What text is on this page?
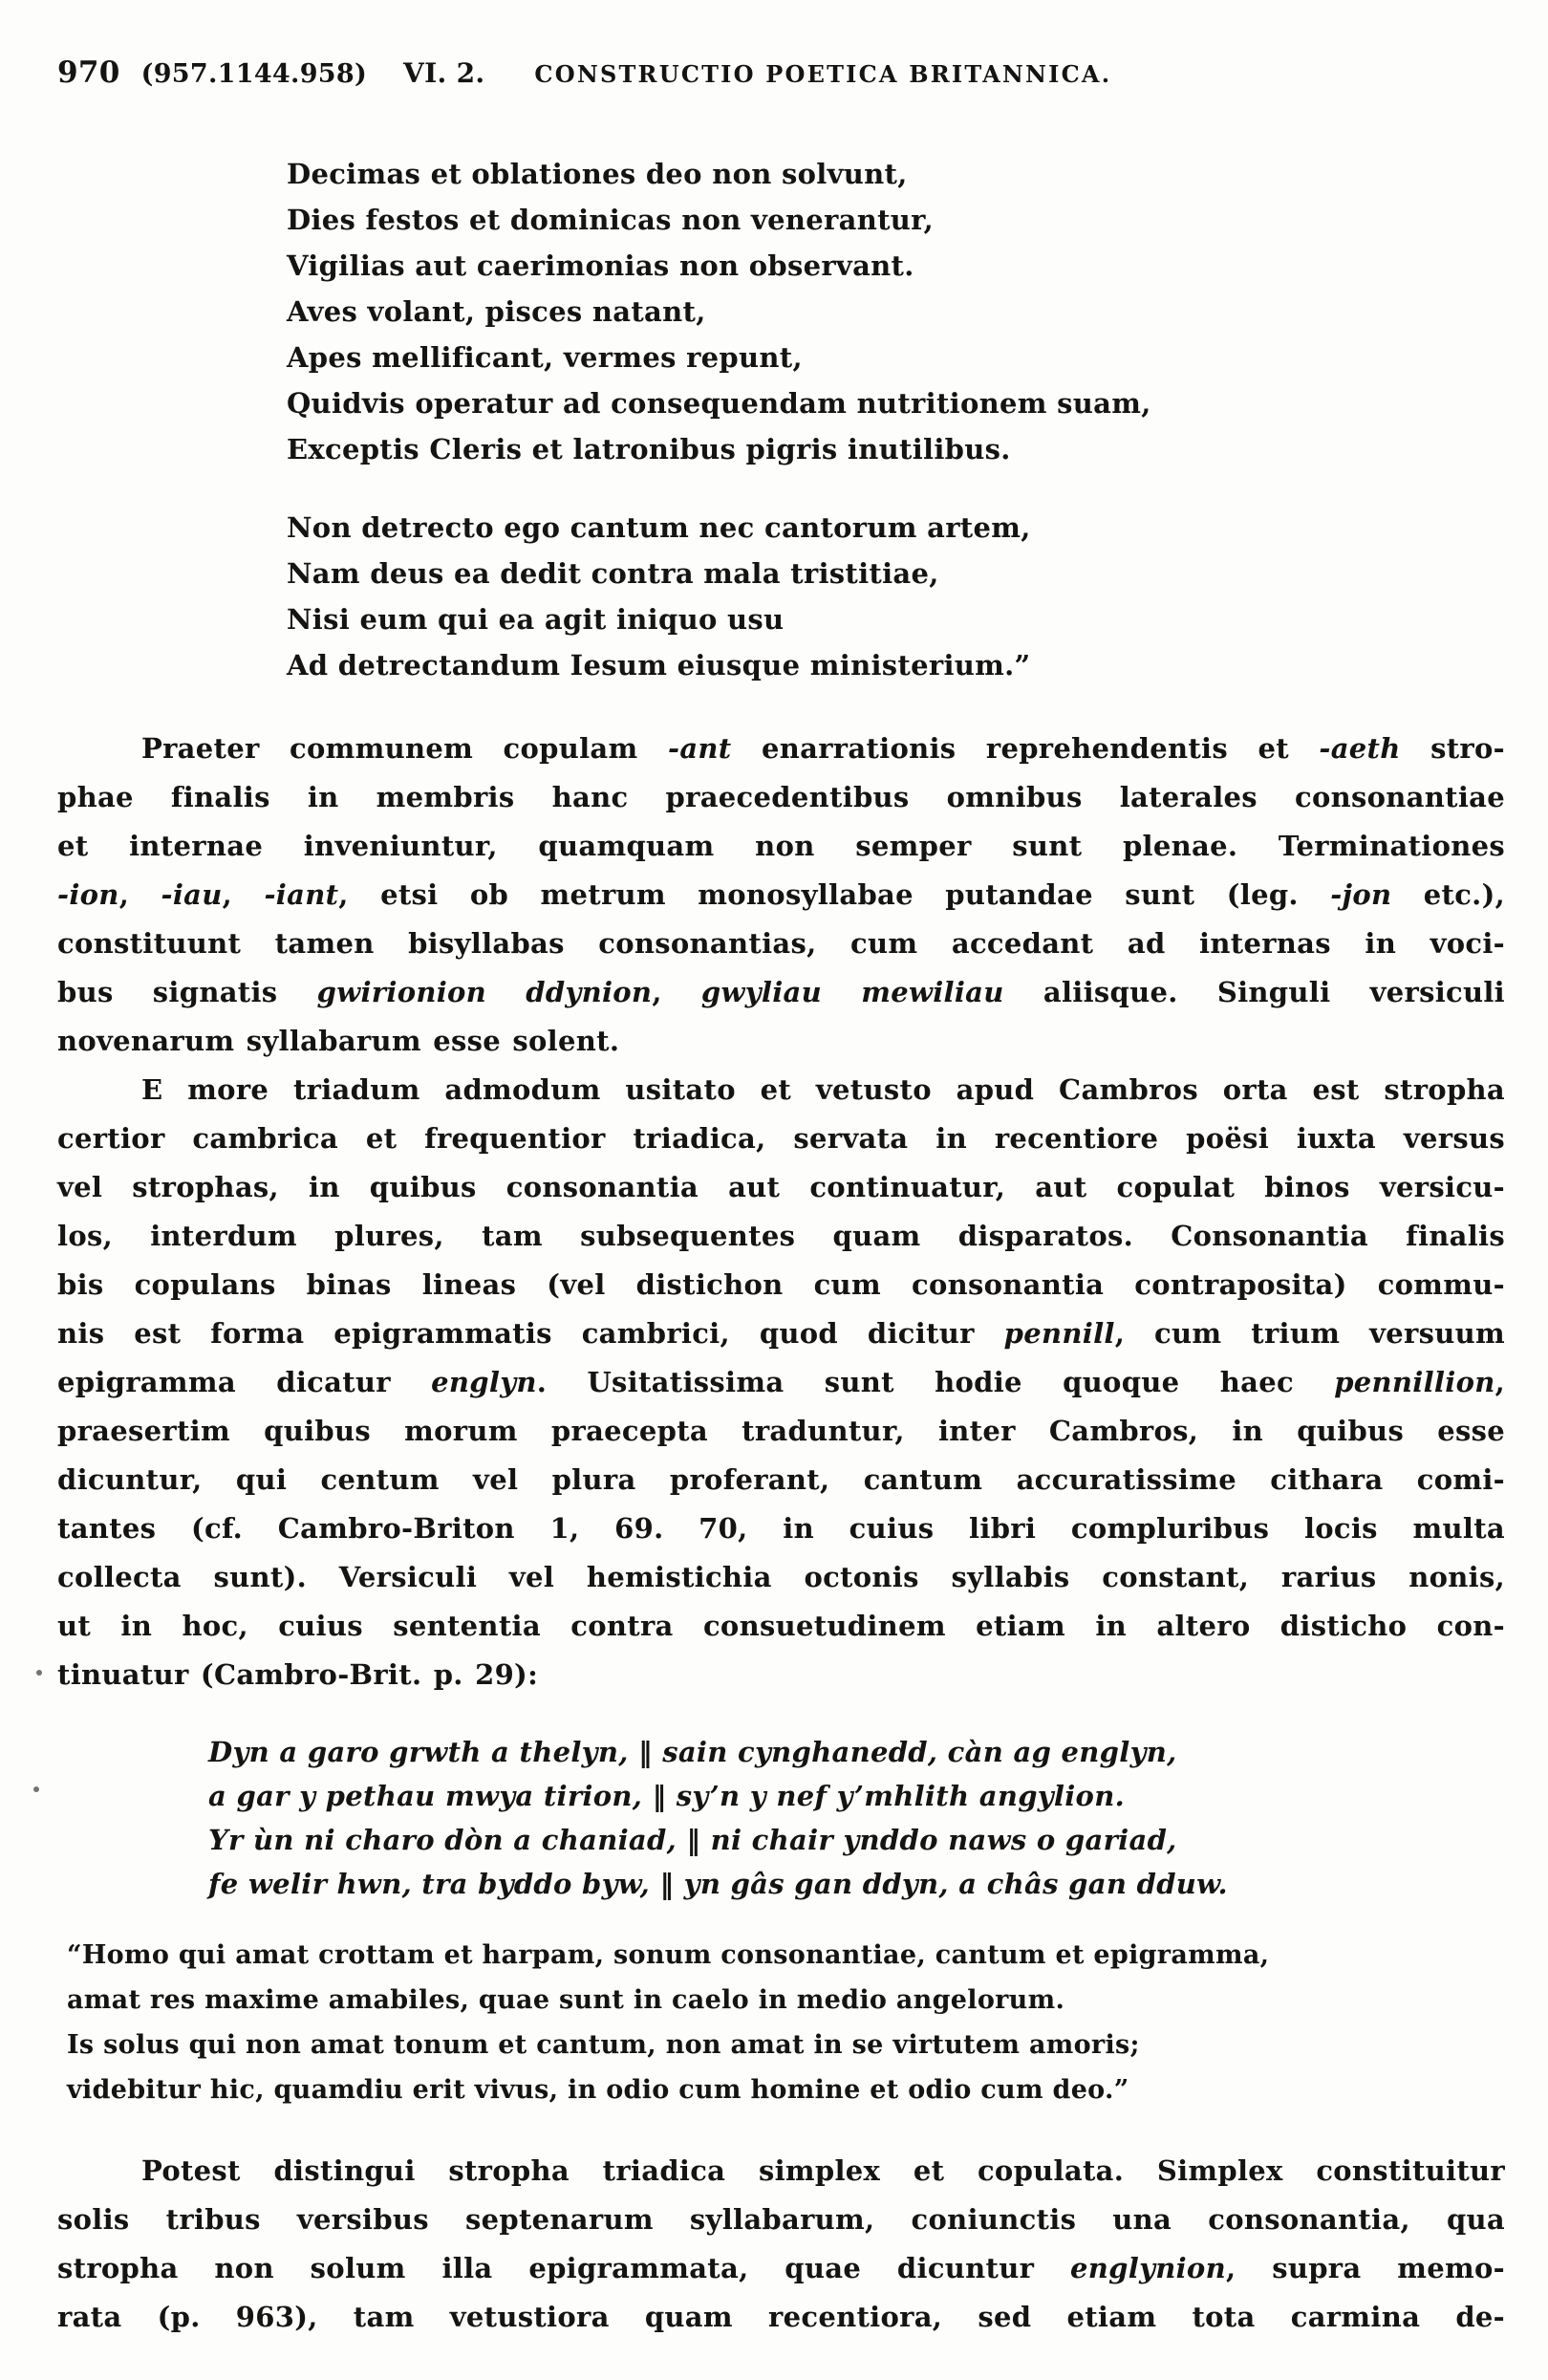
970 (957.1144.958) VI. 2. CONSTRUCTIO POETICA BRITANNICA.
Decimas et oblationes deo non solvunt,
Dies festos et dominicas non venerantur,
Vigilias aut caerimonias non observant.
Aves volant, pisces natant,
Apes mellificant, vermes repunt,
Quidvis operatur ad consequendam nutritionem suam,
Exceptis Cleris et latronibus pigris inutilibus.
Non detrecto ego cantum nec cantorum artem,
Nam deus ea dedit contra mala tristitiae,
Nisi eum qui ea agit iniquo usu
Ad detrectandum Iesum eiusque ministerium.”
Praeter communem copulam -ant enarrationis reprehendentis et -aeth stro-
phae finalis in membris hanc praecedentibus omnibus laterales consonantiae
et internae inveniuntur, quamquam non semper sunt plenae. Terminationes
-ion, -iau, -iant, etsi ob metrum monosyllabae putandae sunt (leg. -jon etc.),
constituunt tamen bisyllabas consonantias, cum accedant ad internas in voci-
bus signatis gwirionion ddynion, gwyliau mewiliau aliisque. Singuli versiculi
novenarum syllabarum esse solent.
E more triadum admodum usitato et vetusto apud Cambros orta est stropha
certior cambrica et frequentior triadica, servata in recentiore poësi iuxta versus
vel strophas, in quibus consonantia aut continuatur, aut copulat binos versicu-
los, interdum plures, tam subsequentes quam disparatos. Consonantia finalis
bis copulans binas lineas (vel distichon cum consonantia contraposita) commu-
nis est forma epigrammatis cambrici, quod dicitur pennill, cum trium versuum
epigramma dicatur englyn. Usitatissima sunt hodie quoque haec pennillion,
praesertim quibus morum praecepta traduntur, inter Cambros, in quibus esse
dicuntur, qui centum vel plura proferant, cantum accuratissime cithara comi-
tantes (cf. Cambro-Briton 1, 69. 70, in cuius libri compluribus locis multa
collecta sunt). Versiculi vel hemistichia octonis syllabis constant, rarius nonis,
ut in hoc, cuius sententia contra consuetudinem etiam in altero disticho con-
tinuatur (Cambro-Brit. p. 29):
Dyn a garo grwth a thelyn, ‖ sain cynghanedd, càn ag englyn,
a gar y pethau mwya tirion, ‖ sy’n y nef y’mhlith angylion.
Yr ùn ni charo dòn a chaniad, ‖ ni chair ynddo naws o gariad,
fe welir hwn, tra byddo byw, ‖ yn gâs gan ddyn, a châs gan dduw.
“Homo qui amat crottam et harpam, sonum consonantiae, cantum et epigramma,
amat res maxime amabiles, quae sunt in caelo in medio angelorum.
Is solus qui non amat tonum et cantum, non amat in se virtutem amoris;
videbitur hic, quamdiu erit vivus, in odio cum homine et odio cum deo.”
Potest distingui stropha triadica simplex et copulata. Simplex constituitur
solis tribus versibus septenarum syllabarum, coniunctis una consonantia, qua
stropha non solum illa epigrammata, quae dicuntur englynion, supra memo-
rata (p. 963), tam vetustiora quam recentiora, sed etiam tota carmina de-
